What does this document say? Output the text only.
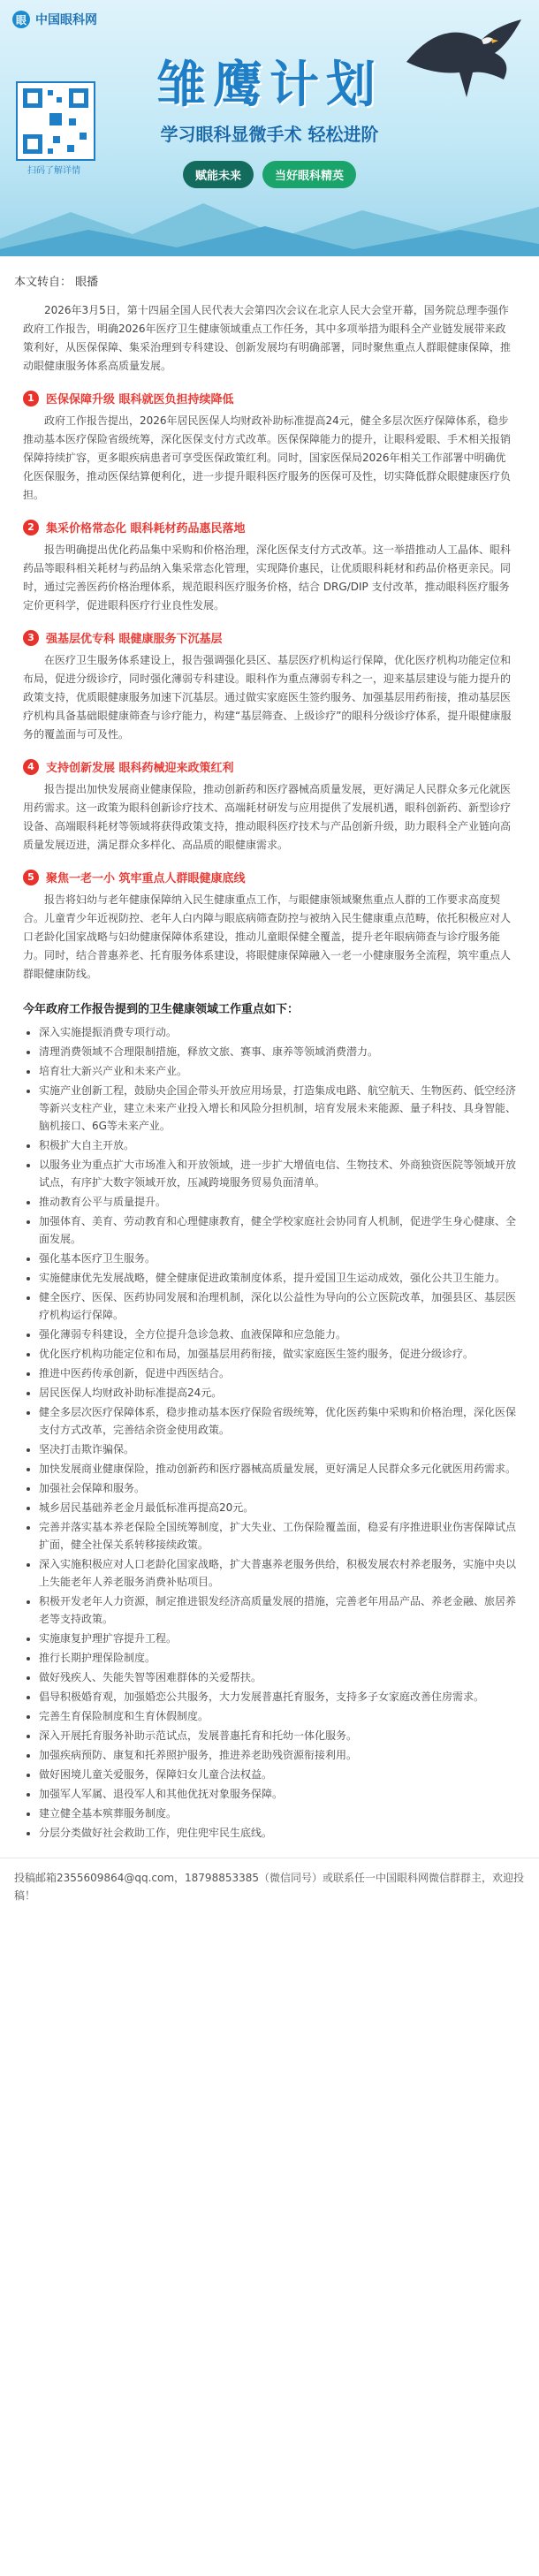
眼 中国眼科网
扫码了解详情
雏鹰计划
学习眼科显微手术 轻松进阶
赋能未来	当好眼科精英
本文转自： 眼播

2026年3月5日，第十四届全国人民代表大会第四次会议在北京人民大会堂开幕，国务院总理李强作政府工作报告，明确2026年医疗卫生健康领域重点工作任务，其中多项举措为眼科全产业链发展带来政策利好，从医保保障、集采治理到专科建设、创新发展均有明确部署，同时聚焦重点人群眼健康保障，推动眼健康服务体系高质量发展。

1	医保保障升级 眼科就医负担持续降低

政府工作报告提出，2026年居民医保人均财政补助标准提高24元，健全多层次医疗保障体系，稳步推动基本医疗保险省级统筹，深化医保支付方式改革。医保保障能力的提升，让眼科爱眼、手术相关报销保障持续扩容，更多眼疾病患者可享受医保政策红利。同时，国家医保局2026年相关工作部署中明确优化医保服务，推动医保结算便利化，进一步提升眼科医疗服务的医保可及性，切实降低群众眼健康医疗负担。

2	集采价格常态化 眼科耗材药品惠民落地

报告明确提出优化药品集中采购和价格治理，深化医保支付方式改革。这一举措推动人工晶体、眼科药品等眼科相关耗材与药品纳入集采常态化管理，实现降价惠民，让优质眼科耗材和药品价格更亲民。同时，通过完善医药价格治理体系，规范眼科医疗服务价格，结合 DRG/DIP 支付改革，推动眼科医疗服务定价更科学，促进眼科医疗行业良性发展。

3	强基层优专科 眼健康服务下沉基层

在医疗卫生服务体系建设上，报告强调强化县区、基层医疗机构运行保障，优化医疗机构功能定位和布局，促进分级诊疗，同时强化薄弱专科建设。眼科作为重点薄弱专科之一，迎来基层建设与能力提升的政策支持，优质眼健康服务加速下沉基层。通过做实家庭医生签约服务、加强基层用药衔接，推动基层医疗机构具备基础眼健康筛查与诊疗能力，构建“基层筛查、上级诊疗”的眼科分级诊疗体系，提升眼健康服务的覆盖面与可及性。

4	支持创新发展 眼科药械迎来政策红利

报告提出加快发展商业健康保险，推动创新药和医疗器械高质量发展，更好满足人民群众多元化就医用药需求。这一政策为眼科创新诊疗技术、高端耗材研发与应用提供了发展机遇，眼科创新药、新型诊疗设备、高端眼科耗材等领域将获得政策支持，推动眼科医疗技术与产品创新升级，助力眼科全产业链向高质量发展迈进，满足群众多样化、高品质的眼健康需求。

5	聚焦一老一小 筑牢重点人群眼健康底线

报告将妇幼与老年健康保障纳入民生健康重点工作，与眼健康领域聚焦重点人群的工作要求高度契合。儿童青少年近视防控、老年人白内障与眼底病筛查防控与被纳入民生健康重点范畴，依托积极应对人口老龄化国家战略与妇幼健康保障体系建设，推动儿童眼保健全覆盖，提升老年眼病筛查与诊疗服务能力。同时，结合普惠养老、托育服务体系建设，将眼健康保障融入一老一小健康服务全流程，筑牢重点人群眼健康防线。

今年政府工作报告提到的卫生健康领域工作重点如下：
• 深入实施提振消费专项行动。
• 清理消费领域不合理限制措施，释放文旅、赛事、康养等领域消费潜力。
• 培育壮大新兴产业和未来产业。
• 实施产业创新工程，鼓励央企国企带头开放应用场景，打造集成电路、航空航天、生物医药、低空经济等新兴支柱产业，建立未来产业投入增长和风险分担机制，培育发展未来能源、量子科技、具身智能、脑机接口、6G等未来产业。
• 积极扩大自主开放。
• 以服务业为重点扩大市场准入和开放领域，进一步扩大增值电信、生物技术、外商独资医院等领域开放试点，有序扩大数字领域开放，压减跨境服务贸易负面清单。
• 推动教育公平与质量提升。
• 加强体育、美育、劳动教育和心理健康教育，健全学校家庭社会协同育人机制，促进学生身心健康、全面发展。
• 强化基本医疗卫生服务。
• 实施健康优先发展战略，健全健康促进政策制度体系，提升爱国卫生运动成效，强化公共卫生能力。
• 健全医疗、医保、医药协同发展和治理机制，深化以公益性为导向的公立医院改革，加强县区、基层医疗机构运行保障。
• 强化薄弱专科建设，全方位提升急诊急救、血液保障和应急能力。
• 优化医疗机构功能定位和布局，加强基层用药衔接，做实家庭医生签约服务，促进分级诊疗。
• 推进中医药传承创新，促进中西医结合。
• 居民医保人均财政补助标准提高24元。
• 健全多层次医疗保障体系，稳步推动基本医疗保险省级统筹，优化医药集中采购和价格治理，深化医保支付方式改革，完善结余资金使用政策。
• 坚决打击欺诈骗保。
• 加快发展商业健康保险，推动创新药和医疗器械高质量发展，更好满足人民群众多元化就医用药需求。
• 加强社会保障和服务。
• 城乡居民基础养老金月最低标准再提高20元。
• 完善并落实基本养老保险全国统筹制度，扩大失业、工伤保险覆盖面，稳妥有序推进职业伤害保障试点扩面，健全社保关系转移接续政策。
• 深入实施积极应对人口老龄化国家战略，扩大普惠养老服务供给，积极发展农村养老服务，实施中央以上失能老年人养老服务消费补贴项目。
• 积极开发老年人力资源，制定推进银发经济高质量发展的措施，完善老年用品产品、养老金融、旅居养老等支持政策。
• 实施康复护理扩容提升工程。
• 推行长期护理保险制度。
• 做好残疾人、失能失智等困难群体的关爱帮扶。
• 倡导积极婚育观，加强婚恋公共服务，大力发展普惠托育服务，支持多子女家庭改善住房需求。
• 完善生育保险制度和生育休假制度。
• 深入开展托育服务补助示范试点，发展普惠托育和托幼一体化服务。
• 加强疾病预防、康复和托养照护服务，推进养老助残资源衔接利用。
• 做好困境儿童关爱服务，保障妇女儿童合法权益。
• 加强军人军属、退役军人和其他优抚对象服务保障。
• 建立健全基本殡葬服务制度。
• 分层分类做好社会救助工作，兜住兜牢民生底线。
投稿邮箱2355609864@qq.com，18798853385（微信同号）或联系任一中国眼科网微信群群主，欢迎投稿！
